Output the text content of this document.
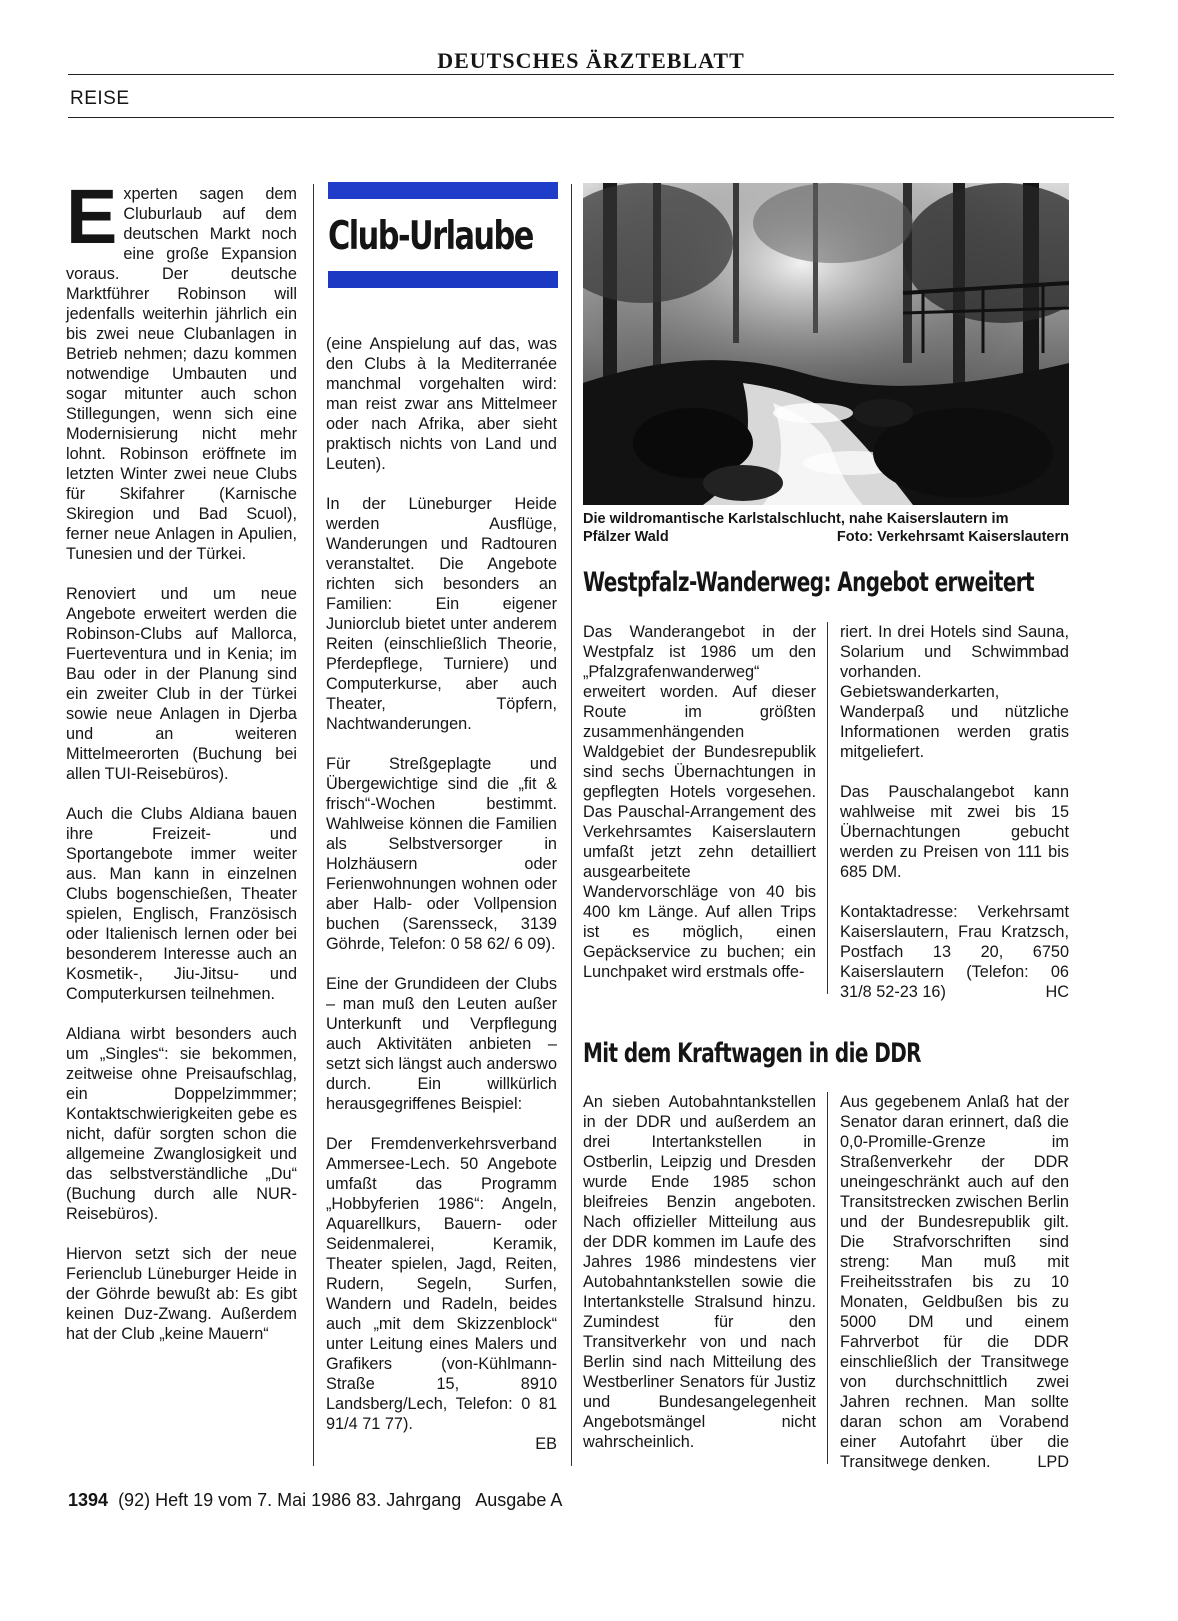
DEUTSCHES ÄRZTEBLATT
REISE

Experten sagen dem Cluburlaub auf dem deutschen Markt noch eine große Expansion voraus. Der deutsche Marktführer Robinson will jedenfalls weiterhin jährlich ein bis zwei neue Clubanlagen in Betrieb nehmen; dazu kommen notwendige Umbauten und sogar mitunter auch schon Stillegungen, wenn sich eine Modernisierung nicht mehr lohnt. Robinson eröffnete im letzten Winter zwei neue Clubs für Skifahrer (Karnische Skiregion und Bad Scuol), ferner neue Anlagen in Apulien, Tunesien und der Türkei.

Renoviert und um neue Angebote erweitert werden die Robinson-Clubs auf Mallorca, Fuerteventura und in Kenia; im Bau oder in der Planung sind ein zweiter Club in der Türkei sowie neue Anlagen in Djerba und an weiteren Mittelmeerorten (Buchung bei allen TUI-Reisebüros).

Auch die Clubs Aldiana bauen ihre Freizeit- und Sportangebote immer weiter aus. Man kann in einzelnen Clubs bogenschießen, Theater spielen, Englisch, Französisch oder Italienisch lernen oder bei besonderem Interesse auch an Kosmetik-, Jiu-Jitsu- und Computerkursen teilnehmen.

Aldiana wirbt besonders auch um „Singles“: sie bekommen, zeitweise ohne Preisaufschlag, ein Doppelzimmmer; Kontaktschwierigkeiten gebe es nicht, dafür sorgten schon die allgemeine Zwanglosigkeit und das selbstverständliche „Du“ (Buchung durch alle NUR-Reisebüros).

Hiervon setzt sich der neue Ferienclub Lüneburger Heide in der Göhrde bewußt ab: Es gibt keinen Duz-Zwang. Außerdem hat der Club „keine Mauern“

Club-Urlaube

(eine Anspielung auf das, was den Clubs à la Mediterranée manchmal vorgehalten wird: man reist zwar ans Mittelmeer oder nach Afrika, aber sieht praktisch nichts von Land und Leuten).

In der Lüneburger Heide werden Ausflüge, Wanderungen und Radtouren veranstaltet. Die Angebote richten sich besonders an Familien: Ein eigener Juniorclub bietet unter anderem Reiten (einschließlich Theorie, Pferdepflege, Turniere) und Computerkurse, aber auch Theater, Töpfern, Nachtwanderungen.

Für Streßgeplagte und Übergewichtige sind die „fit & frisch“-Wochen bestimmt. Wahlweise können die Familien als Selbstversorger in Holzhäusern oder Ferienwohnungen wohnen oder aber Halb- oder Vollpension buchen (Sarensseck, 3139 Göhrde, Telefon: 0 58 62/ 6 09).

Eine der Grundideen der Clubs – man muß den Leuten außer Unterkunft und Verpflegung auch Aktivitäten anbieten – setzt sich längst auch anderswo durch. Ein willkürlich herausgegriffenes Beispiel:

Der Fremdenverkehrsverband Ammersee-Lech. 50 Angebote umfaßt das Programm „Hobbyferien 1986“: Angeln, Aquarellkurs, Bauern- oder Seidenmalerei, Keramik, Theater spielen, Jagd, Reiten, Rudern, Segeln, Surfen, Wandern und Radeln, beides auch „mit dem Skizzenblock“ unter Leitung eines Malers und Grafikers (von-Kühlmann-Straße 15, 8910 Landsberg/Lech, Telefon: 0 81 91/4 71 77).

EB
Die wildromantische Karlstalschlucht, nahe Kaiserslautern im
Pfälzer Wald	Foto: Verkehrsamt Kaiserslautern
Westpfalz-Wanderweg: Angebot erweitert

Das Wanderangebot in der Westpfalz ist 1986 um den „Pfalzgrafenwanderweg“ erweitert worden. Auf dieser Route im größten zusammenhängenden Waldgebiet der Bundesrepublik sind sechs Übernachtungen in gepflegten Hotels vorgesehen. Das Pauschal-Arrangement des Verkehrsamtes Kaiserslautern umfaßt jetzt zehn detailliert ausgearbeitete Wandervorschläge von 40 bis 400 km Länge. Auf allen Trips ist es möglich, einen Gepäckservice zu buchen; ein Lunchpaket wird erstmals offe-

riert. In drei Hotels sind Sauna, Solarium und Schwimmbad vorhanden. Gebietswanderkarten, Wanderpaß und nützliche Informationen werden gratis mitgeliefert.

Das Pauschalangebot kann wahlweise mit zwei bis 15 Übernachtungen gebucht werden zu Preisen von 111 bis 685 DM.

Kontaktadresse: Verkehrsamt Kaiserslautern, Frau Kratzsch, Postfach 13 20, 6750 Kaiserslautern (Telefon: 06 31/8 52-23 16)	HC

Mit dem Kraftwagen in die DDR

An sieben Autobahntankstellen in der DDR und außerdem an drei Intertankstellen in Ostberlin, Leipzig und Dresden wurde Ende 1985 schon bleifreies Benzin angeboten. Nach offizieller Mitteilung aus der DDR kommen im Laufe des Jahres 1986 mindestens vier Autobahntankstellen sowie die Intertankstelle Stralsund hinzu. Zumindest für den Transitverkehr von und nach Berlin sind nach Mitteilung des Westberliner Senators für Justiz und Bundesangelegenheit Angebotsmängel nicht wahrscheinlich.

Aus gegebenem Anlaß hat der Senator daran erinnert, daß die 0,0-Promille-Grenze im Straßenverkehr der DDR uneingeschränkt auch auf den Transitstrecken zwischen Berlin und der Bundesrepublik gilt. Die Strafvorschriften sind streng: Man muß mit Freiheitsstrafen bis zu 10 Monaten, Geldbußen bis zu 5000 DM und einem Fahrverbot für die DDR einschließlich der Transitwege von durchschnittlich zwei Jahren rechnen. Man sollte daran schon am Vorabend einer Autofahrt über die Transitwege denken.	LPD

1394 (92) Heft 19 vom 7. Mai 1986 83. Jahrgang Ausgabe A
